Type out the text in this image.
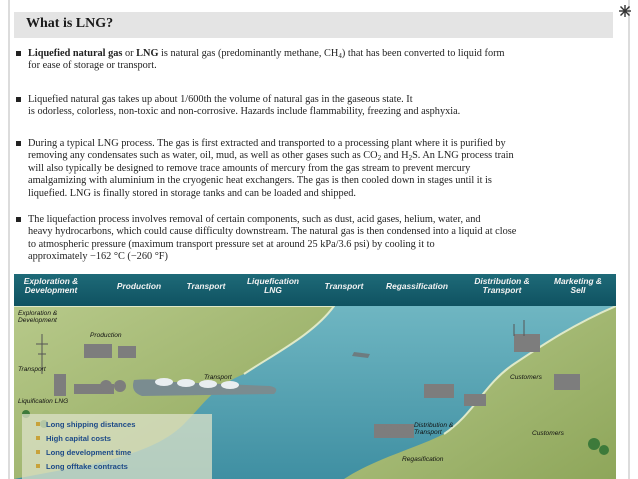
What is LNG?
Liquefied natural gas or LNG is natural gas (predominantly methane, $CH_4$) that has been converted to liquid form
for ease of storage or transport.
Liquefied natural gas takes up about 1/600th the volume of natural gas in the gaseous state. It
is odorless, colorless, non-toxic and non-corrosive. Hazards include flammability, freezing and asphyxia.
During a typical LNG process. The gas is first extracted and transported to a processing plant where it is purified by
removing any condensates such as water, oil, mud, as well as other gases such as $CO_2$ and $H_2S$. An LNG process train
will also typically be designed to remove trace amounts of mercury from the gas stream to prevent mercury
amalgamizing with aluminium in the cryogenic heat exchangers. The gas is then cooled down in stages until it is
liquefied. LNG is finally stored in storage tanks and can be loaded and shipped.
The liquefaction process involves removal of certain components, such as dust, acid gases, helium, water, and
heavy hydrocarbons, which could cause difficulty downstream. The natural gas is then condensed into a liquid at close
to atmospheric pressure (maximum transport pressure set at around 25 kPa/3.6 psi) by cooling it to
approximately −162 °C (−260 °F)
Exploration & Development	Production	Transport	Liquefication LNG	Transport	Regassification	Distribution & Transport
Marketing & Sell
Exploration & Development
Production
Transport
Transport
Liquification LNG
Distribution & Transport
Customers
Customers
Regasification
Long shipping distances
High capital costs
Long development time
Long offtake contracts
